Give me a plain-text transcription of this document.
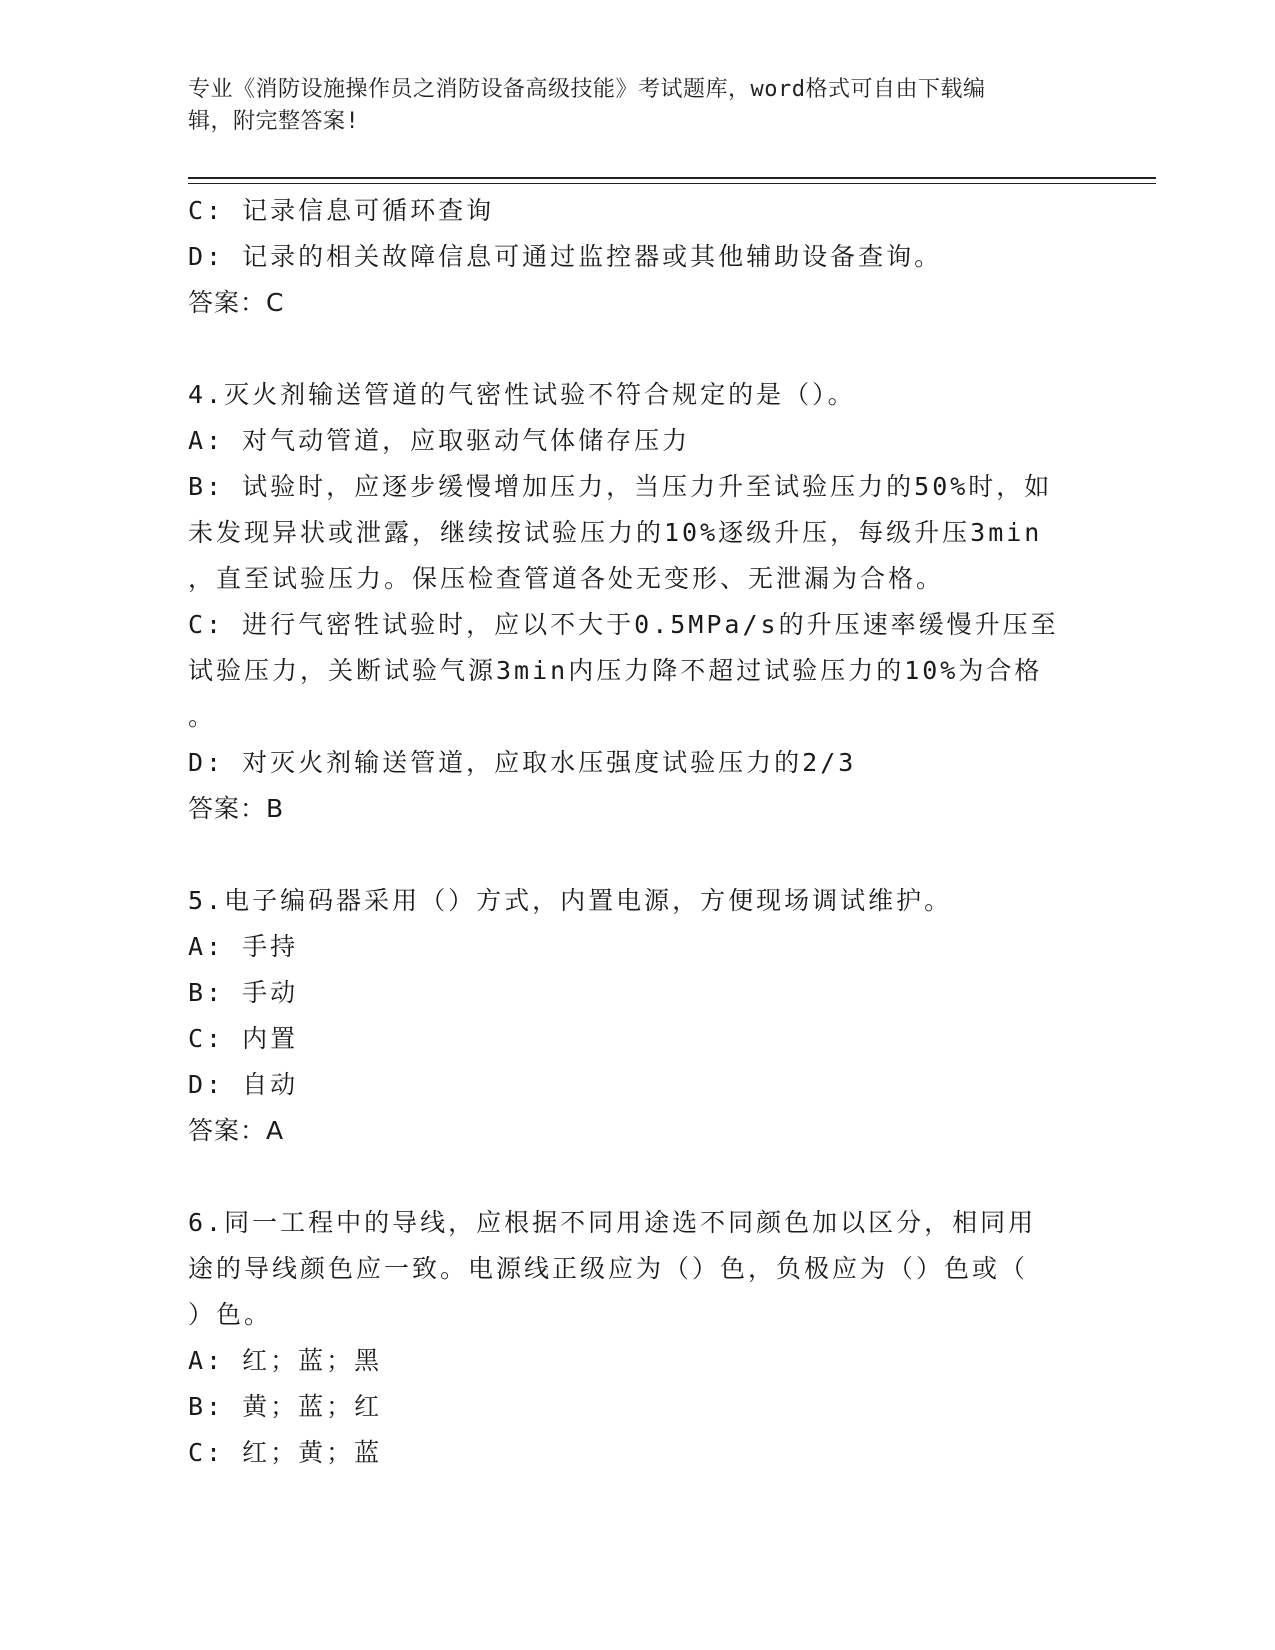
专业《消防设施操作员之消防设备高级技能》考试题库，word格式可自由下载编
辑，附完整答案!

C: 记录信息可循环查询

D: 记录的相关故障信息可通过监控器或其他辅助设备查询。

答案：C

4.灭火剂输送管道的气密性试验不符合规定的是（）。

A: 对气动管道，应取驱动气体储存压力

B: 试验时，应逐步缓慢增加压力，当压力升至试验压力的50%时，如

未发现异状或泄露，继续按试验压力的10%逐级升压，每级升压3min

，直至试验压力。保压检查管道各处无变形、无泄漏为合格。

C: 进行气密牲试验时，应以不大于0.5MPa/s的升压速率缓慢升压至

试验压力，关断试验气源3min内压力降不超过试验压力的10%为合格

。

D: 对灭火剂输送管道，应取水压强度试验压力的2/3

答案：B

5.电子编码器采用（）方式，内置电源，方便现场调试维护。

A: 手持

B: 手动

C: 内置

D: 自动

答案：A

6.同一工程中的导线，应根据不同用途选不同颜色加以区分，相同用

途的导线颜色应一致。电源线正级应为（）色，负极应为（）色或（

）色。

A: 红；蓝；黑

B: 黄；蓝；红

C: 红；黄；蓝
